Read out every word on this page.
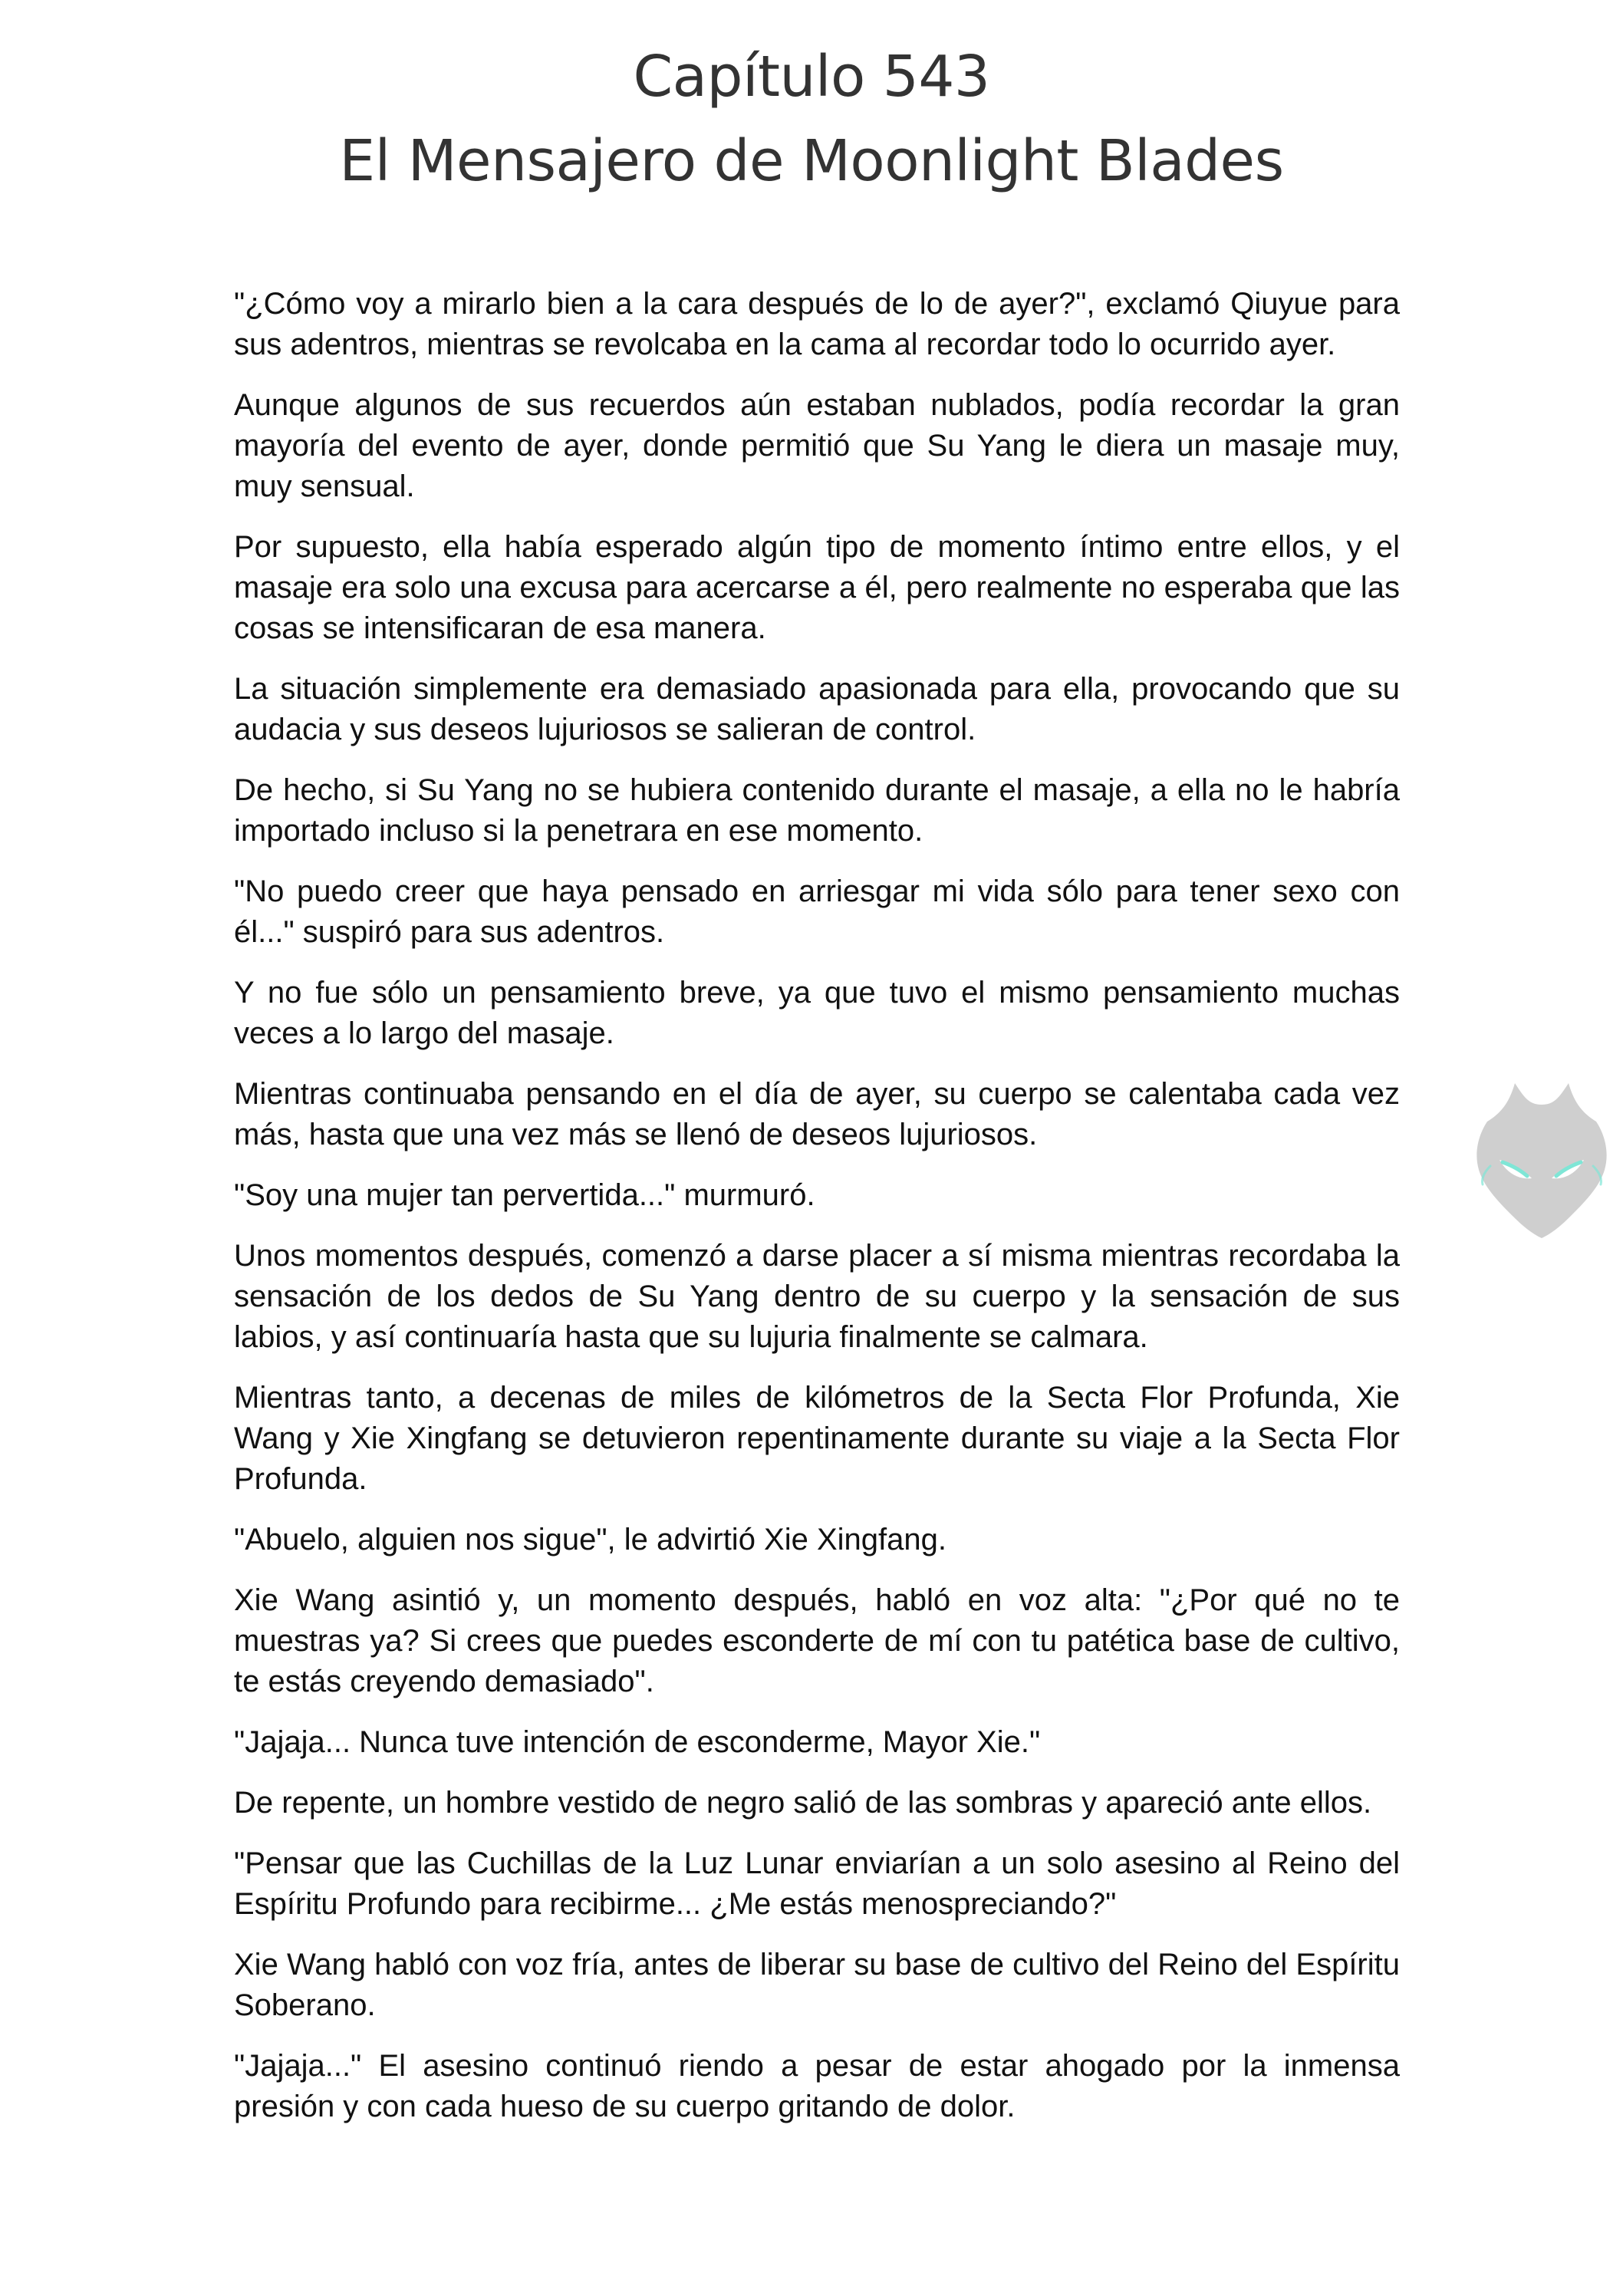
Capítulo 543
El Mensajero de Moonlight Blades

"¿Cómo voy a mirarlo bien a la cara después de lo de ayer?", exclamó Qiuyue para sus adentros, mientras se revolcaba en la cama al recordar todo lo ocurrido ayer.

Aunque algunos de sus recuerdos aún estaban nublados, podía recordar la gran mayoría del evento de ayer, donde permitió que Su Yang le diera un masaje muy, muy sensual.

Por supuesto, ella había esperado algún tipo de momento íntimo entre ellos, y el masaje era solo una excusa para acercarse a él, pero realmente no esperaba que las cosas se intensificaran de esa manera.

La situación simplemente era demasiado apasionada para ella, provocando que su audacia y sus deseos lujuriosos se salieran de control.

De hecho, si Su Yang no se hubiera contenido durante el masaje, a ella no le habría importado incluso si la penetrara en ese momento.

"No puedo creer que haya pensado en arriesgar mi vida sólo para tener sexo con él..." suspiró para sus adentros.

Y no fue sólo un pensamiento breve, ya que tuvo el mismo pensamiento muchas veces a lo largo del masaje.

Mientras continuaba pensando en el día de ayer, su cuerpo se calentaba cada vez más, hasta que una vez más se llenó de deseos lujuriosos.

"Soy una mujer tan pervertida..." murmuró.

Unos momentos después, comenzó a darse placer a sí misma mientras recordaba la sensación de los dedos de Su Yang dentro de su cuerpo y la sensación de sus labios, y así continuaría hasta que su lujuria finalmente se calmara.

Mientras tanto, a decenas de miles de kilómetros de la Secta Flor Profunda, Xie Wang y Xie Xingfang se detuvieron repentinamente durante su viaje a la Secta Flor Profunda.

"Abuelo, alguien nos sigue", le advirtió Xie Xingfang.

Xie Wang asintió y, un momento después, habló en voz alta: "¿Por qué no te muestras ya? Si crees que puedes esconderte de mí con tu patética base de cultivo, te estás creyendo demasiado".

"Jajaja... Nunca tuve intención de esconderme, Mayor Xie."

De repente, un hombre vestido de negro salió de las sombras y apareció ante ellos.

"Pensar que las Cuchillas de la Luz Lunar enviarían a un solo asesino al Reino del Espíritu Profundo para recibirme... ¿Me estás menospreciando?"

Xie Wang habló con voz fría, antes de liberar su base de cultivo del Reino del Espíritu Soberano.

"Jajaja..." El asesino continuó riendo a pesar de estar ahogado por la inmensa presión y con cada hueso de su cuerpo gritando de dolor.
